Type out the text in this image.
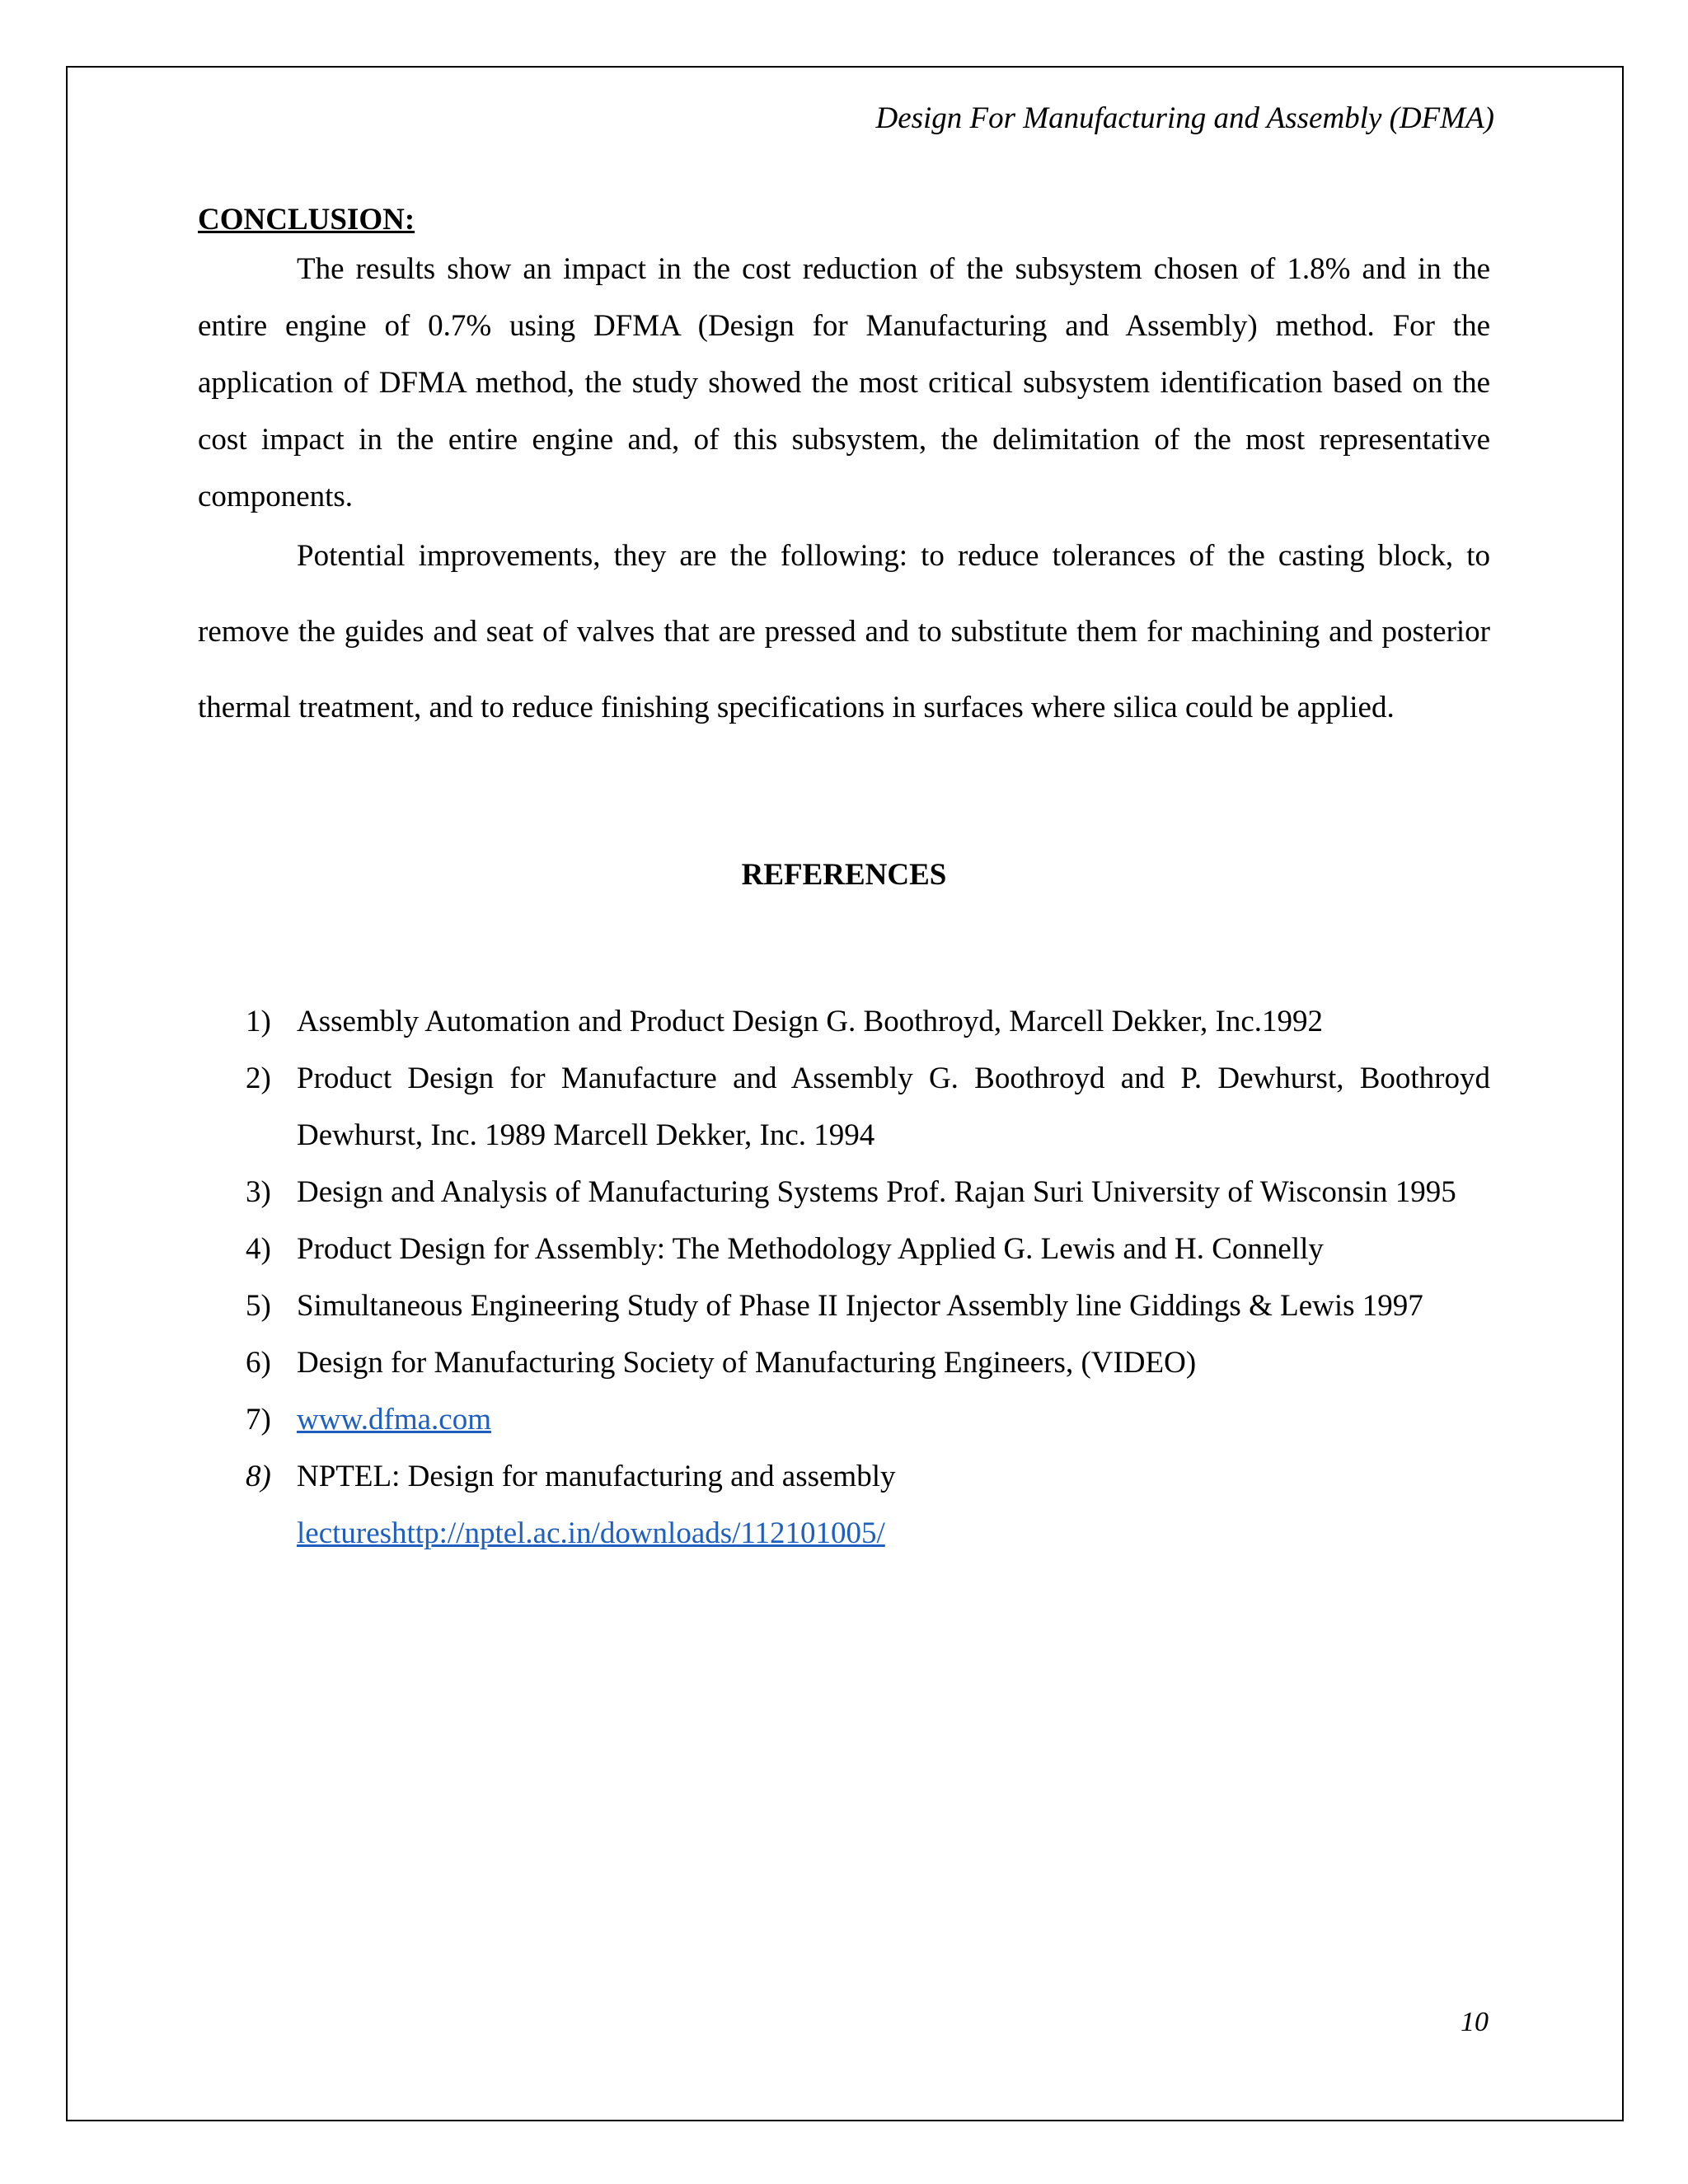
Design For Manufacturing and Assembly (DFMA)
CONCLUSION:

The results show an impact in the cost reduction of the subsystem chosen of 1.8% and in the entire engine of 0.7% using DFMA (Design for Manufacturing and Assembly) method. For the application of DFMA method, the study showed the most critical subsystem identification based on the cost impact in the entire engine and, of this subsystem, the delimitation of the most representative components.

Potential improvements, they are the following: to reduce tolerances of the casting block, to remove the guides and seat of valves that are pressed and to substitute them for machining and posterior thermal treatment, and to reduce finishing specifications in surfaces where silica could be applied.

REFERENCES
1) Assembly Automation and Product Design G. Boothroyd, Marcell Dekker, Inc.1992
2) Product Design for Manufacture and Assembly G. Boothroyd and P. Dewhurst, Boothroyd Dewhurst, Inc. 1989 Marcell Dekker, Inc. 1994
3) Design and Analysis of Manufacturing Systems Prof. Rajan Suri University of Wisconsin 1995
4) Product Design for Assembly: The Methodology Applied G. Lewis and H. Connelly
5) Simultaneous Engineering Study of Phase II Injector Assembly line Giddings & Lewis 1997
6) Design for Manufacturing Society of Manufacturing Engineers, (VIDEO)
7) www.dfma.com
8) NPTEL: Design for manufacturing and assembly
lectureshttp://nptel.ac.in/downloads/112101005/
10
